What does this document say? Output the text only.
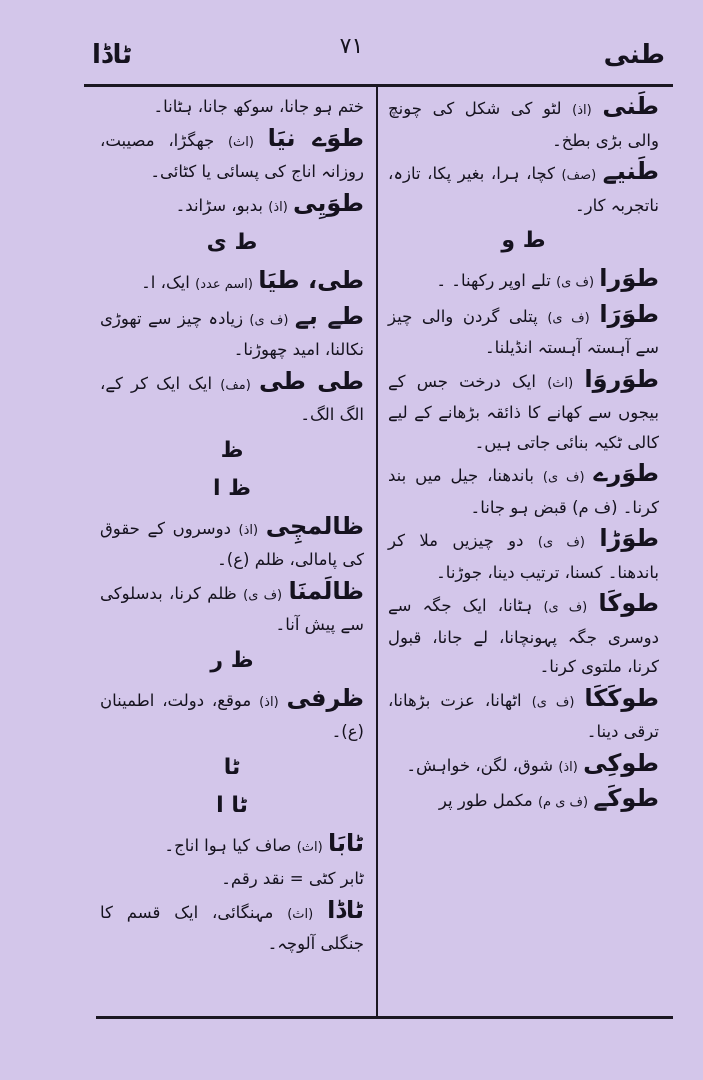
طنی
۷۱
ٹاڈا
طَنی (اذ) لٹو کی شکل کی چونچ والی بڑی بطخ۔
طَنیے (صف) کچا، ہرا، بغیر پکا، تازہ، ناتجربہ کار۔
ط و
طوَرا (ف ی) تلے اوپر رکھنا۔ ۔
طوَرَا (ف ی) پتلی گردن والی چیز سے آہستہ آہستہ انڈیلنا۔
طوَروَا (اث) ایک درخت جس کے بیجوں سے کھانے کا ذائقہ بڑھانے کے لیے کالی ٹکیہ بنائی جاتی ہیں۔
طوَرے (ف ی) باندھنا، جیل میں بند کرنا۔ (ف م) قبض ہو جانا۔
طوَڑا (ف ی) دو چیزیں ملا کر باندھنا۔ کسنا، ترتیب دینا، جوڑنا۔
طوکَا (ف ی) ہٹانا، ایک جگہ سے دوسری جگہ پہونچانا، لے جانا، قبول کرنا، ملتوی کرنا۔
طوکَکَا (ف ی) اٹھانا، عزت بڑھانا، ترقی دینا۔
طوکِی (اذ) شوق، لگن، خواہش۔
طوکَے (ف ی م) مکمل طور پر
ختم ہو جانا، سوکھ جانا، ہٹانا۔
طوَے نیَا (اث) جھگڑا، مصیبت، روزانہ اناج کی پسائی یا کٹائی۔
طوَیِی (اذ) بدبو، سڑاند۔
ط ی
طی، طیَا (اسم عدد) ایک، ا۔
طے بے (ف ی) زیادہ چیز سے تھوڑی نکالنا، امید چھوڑنا۔
طی طی (مف) ایک ایک کر کے، الگ الگ۔
ظ
ظ ا
ظالمچِی (اذ) دوسروں کے حقوق کی پامالی، ظلم (ع)۔
ظالَمنَا (ف ی) ظلم کرنا، بدسلوکی سے پیش آنا۔
ظ ر
ظرفی (اذ) موقع، دولت، اطمینان (ع)۔
ٹا
ٹا ا
ٹابَا (اث) صاف کیا ہوا اناج۔
ٹابر کٹی = نقد رقم۔
ٹاڈا (اث) مہنگائی، ایک قسم کا جنگلی آلوچہ۔
